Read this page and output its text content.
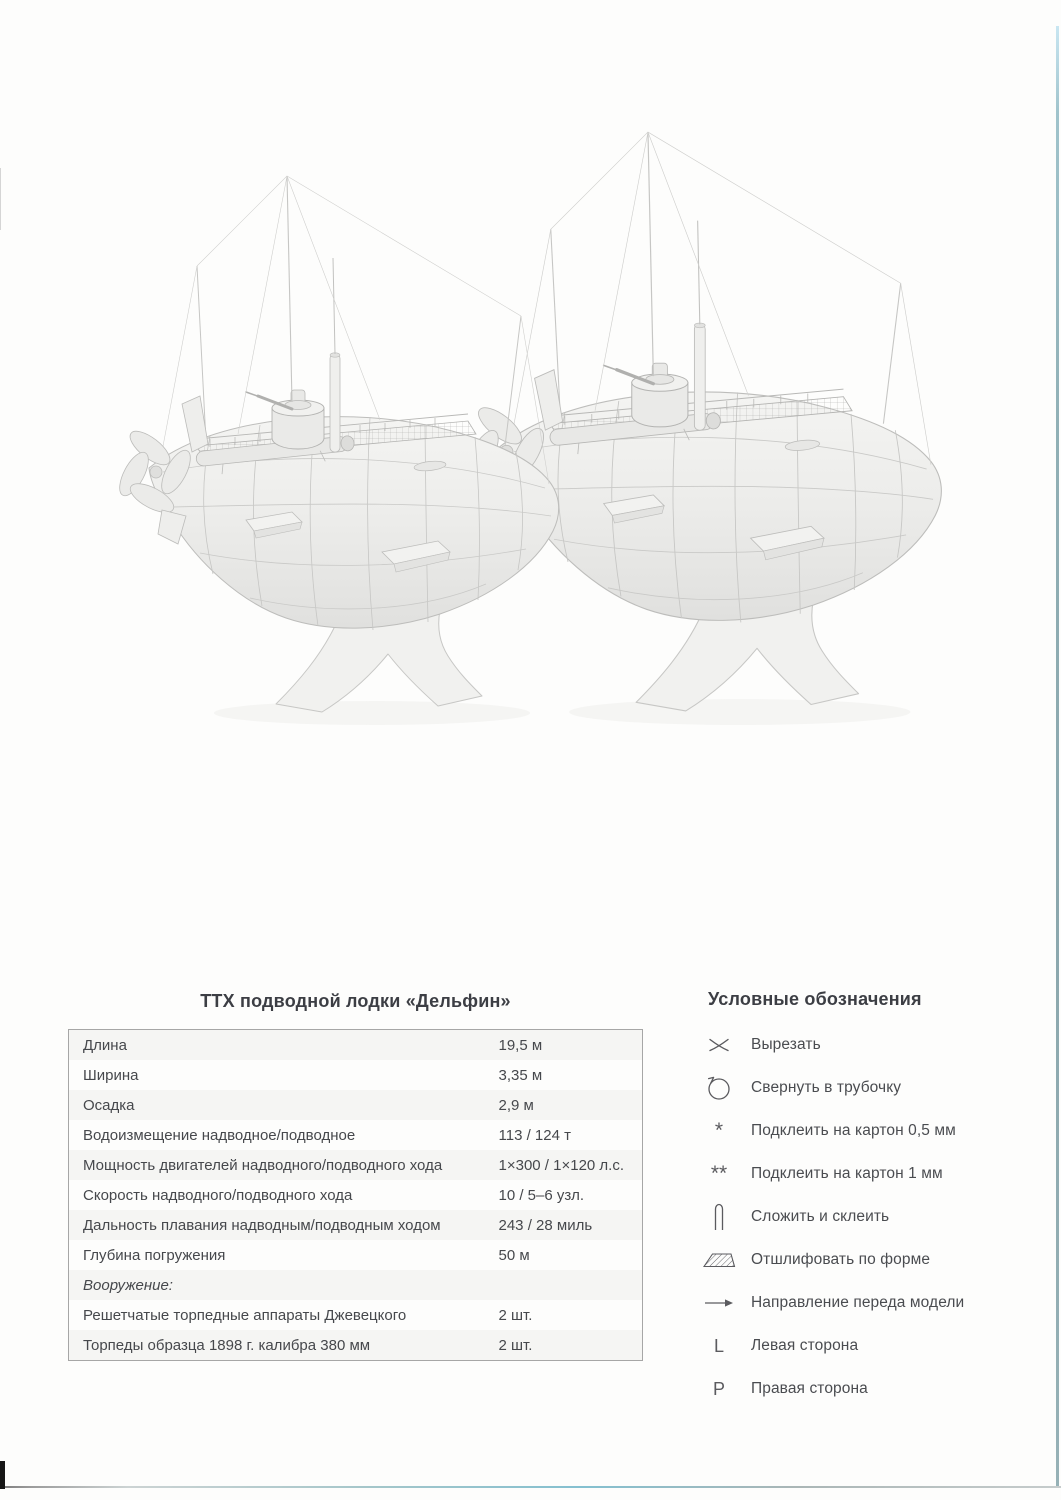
ТТХ подводной лодки «Дельфин»
Длина	19,5 м
Ширина	3,35 м
Осадка	2,9 м
Водоизмещение надводное/подводное	113 / 124 т
Мощность двигателей надводного/подводного хода	1×300 / 1×120 л.с.
Скорость надводного/подводного хода	10 / 5–6 узл.
Дальность плавания надводным/подводным ходом	243 / 28 миль
Глубина погружения	50 м
Вооружение:	
Решетчатые торпедные аппараты Джевецкого	2 шт.
Торпеды образца 1898 г. калибра 380 мм	2 шт.
Условные обозначения
Вырезать
Свернуть в трубочку
*	Подклеить на картон 0,5 мм
**	Подклеить на картон 1 мм
Сложить и склеить
Отшлифовать по форме
Направление переда модели
L	Левая сторона
P	Правая сторона
